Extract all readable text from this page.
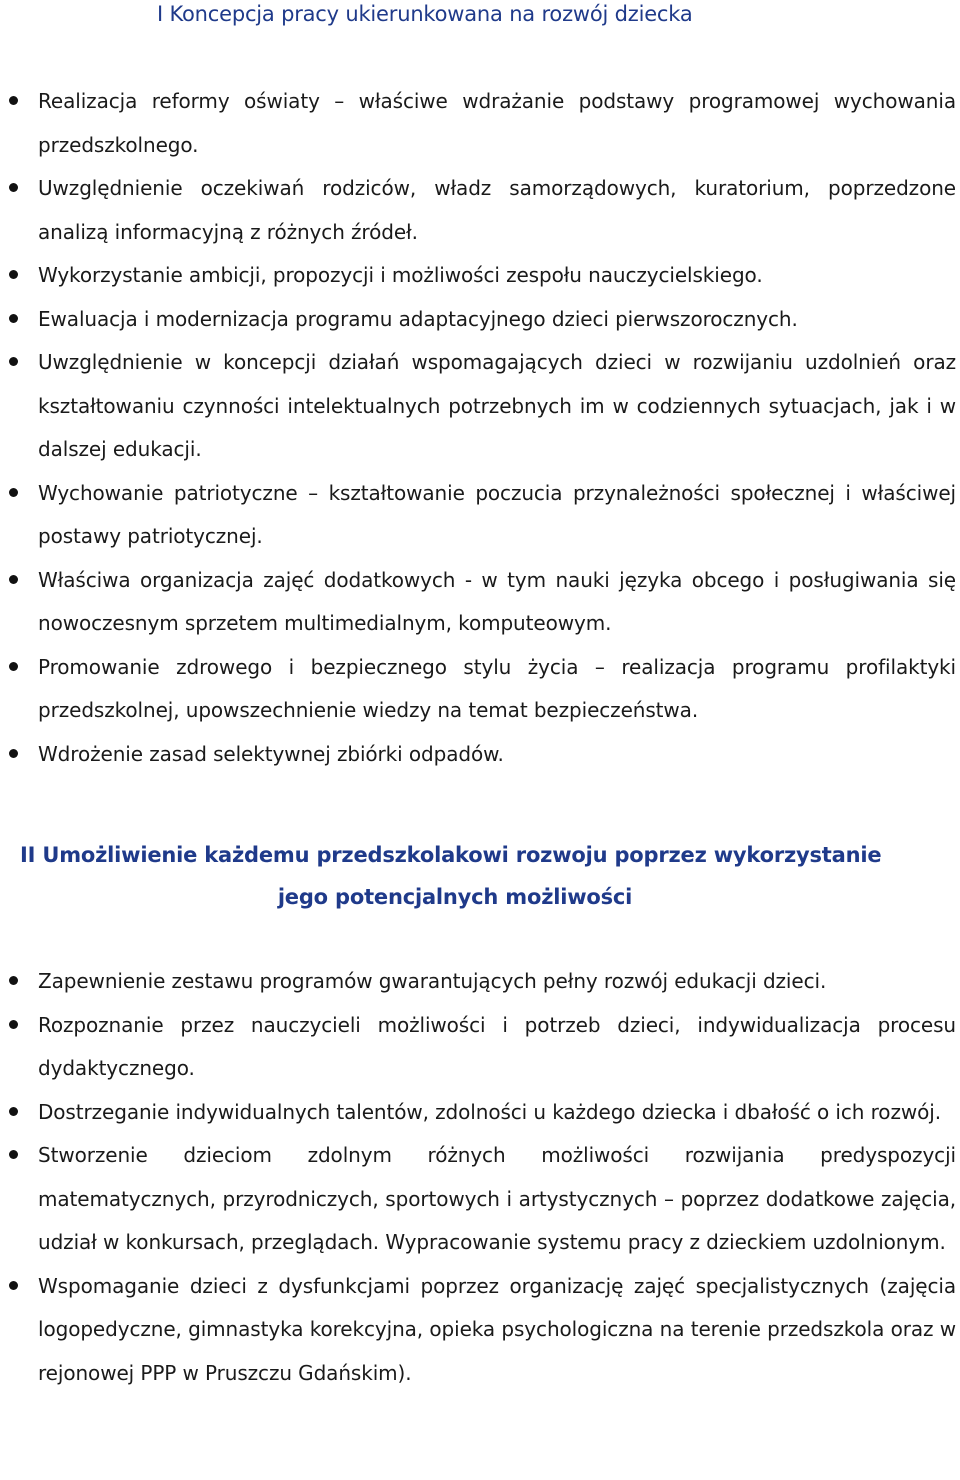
I Koncepcja pracy ukierunkowana na rozwój dziecka
Realizacja reformy oświaty – właściwe wdrażanie podstawy programowej wychowania przedszkolnego.
Uwzględnienie oczekiwań rodziców, władz samorządowych, kuratorium, poprzedzone analizą informacyjną z różnych źródeł.
Wykorzystanie ambicji, propozycji i możliwości zespołu nauczycielskiego.
Ewaluacja i modernizacja programu adaptacyjnego dzieci pierwszorocznych.
Uwzględnienie w koncepcji działań wspomagających dzieci w rozwijaniu uzdolnień oraz kształtowaniu czynności intelektualnych potrzebnych im w codziennych sytuacjach, jak i w dalszej edukacji.
Wychowanie patriotyczne – kształtowanie poczucia przynależności społecznej i właściwej postawy patriotycznej.
Właściwa organizacja zajęć dodatkowych - w tym nauki języka obcego i posługiwania się nowoczesnym sprzetem multimedialnym, komputeowym.
Promowanie zdrowego i bezpiecznego stylu życia – realizacja programu profilaktyki przedszkolnej, upowszechnienie wiedzy na temat bezpieczeństwa.
Wdrożenie zasad selektywnej zbiórki odpadów.
II Umożliwienie każdemu przedszkolakowi rozwoju poprzez wykorzystanie
jego potencjalnych możliwości
Zapewnienie zestawu programów gwarantujących pełny rozwój edukacji dzieci.
Rozpoznanie przez nauczycieli możliwości i potrzeb dzieci, indywidualizacja procesu dydaktycznego.
Dostrzeganie indywidualnych talentów, zdolności u każdego dziecka i dbałość o ich rozwój.
Stworzenie dzieciom zdolnym różnych możliwości rozwijania predyspozycji matematycznych, przyrodniczych, sportowych i artystycznych – poprzez dodatkowe zajęcia, udział w konkursach, przeglądach. Wypracowanie systemu pracy z dzieckiem uzdolnionym.
Wspomaganie dzieci z dysfunkcjami poprzez organizację zajęć specjalistycznych (zajęcia logopedyczne, gimnastyka korekcyjna, opieka psychologiczna na terenie przedszkola oraz w rejonowej PPP w Pruszczu Gdańskim).
